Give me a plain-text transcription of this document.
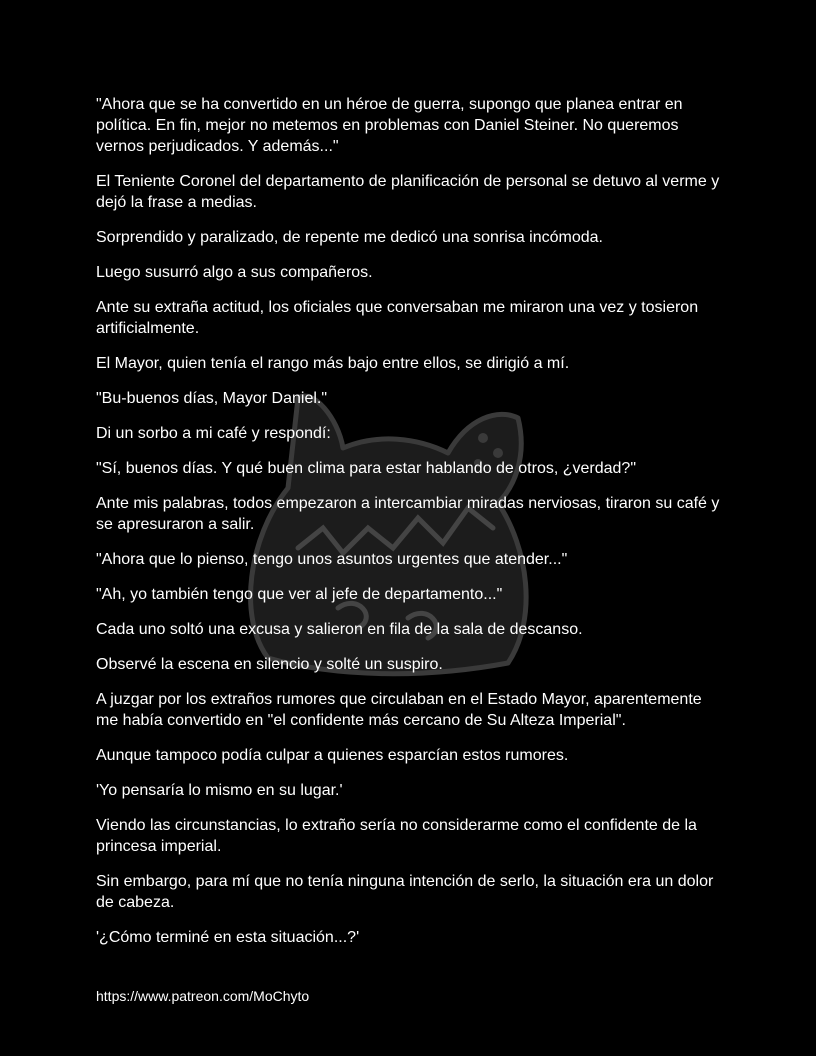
"Ahora que se ha convertido en un héroe de guerra, supongo que planea entrar en política. En fin, mejor no metemos en problemas con Daniel Steiner. No queremos vernos perjudicados. Y además..."

El Teniente Coronel del departamento de planificación de personal se detuvo al verme y dejó la frase a medias.

Sorprendido y paralizado, de repente me dedicó una sonrisa incómoda.

Luego susurró algo a sus compañeros.

Ante su extraña actitud, los oficiales que conversaban me miraron una vez y tosieron artificialmente.

El Mayor, quien tenía el rango más bajo entre ellos, se dirigió a mí.

"Bu-buenos días, Mayor Daniel."

Di un sorbo a mi café y respondí:

"Sí, buenos días. Y qué buen clima para estar hablando de otros, ¿verdad?"

Ante mis palabras, todos empezaron a intercambiar miradas nerviosas, tiraron su café y se apresuraron a salir.

"Ahora que lo pienso, tengo unos asuntos urgentes que atender..."

"Ah, yo también tengo que ver al jefe de departamento..."

Cada uno soltó una excusa y salieron en fila de la sala de descanso.

Observé la escena en silencio y solté un suspiro.

A juzgar por los extraños rumores que circulaban en el Estado Mayor, aparentemente me había convertido en "el confidente más cercano de Su Alteza Imperial".

Aunque tampoco podía culpar a quienes esparcían estos rumores.

'Yo pensaría lo mismo en su lugar.'

Viendo las circunstancias, lo extraño sería no considerarme como el confidente de la princesa imperial.

Sin embargo, para mí que no tenía ninguna intención de serlo, la situación era un dolor de cabeza.

'¿Cómo terminé en esta situación...?'

https://www.patreon.com/MoChyto
